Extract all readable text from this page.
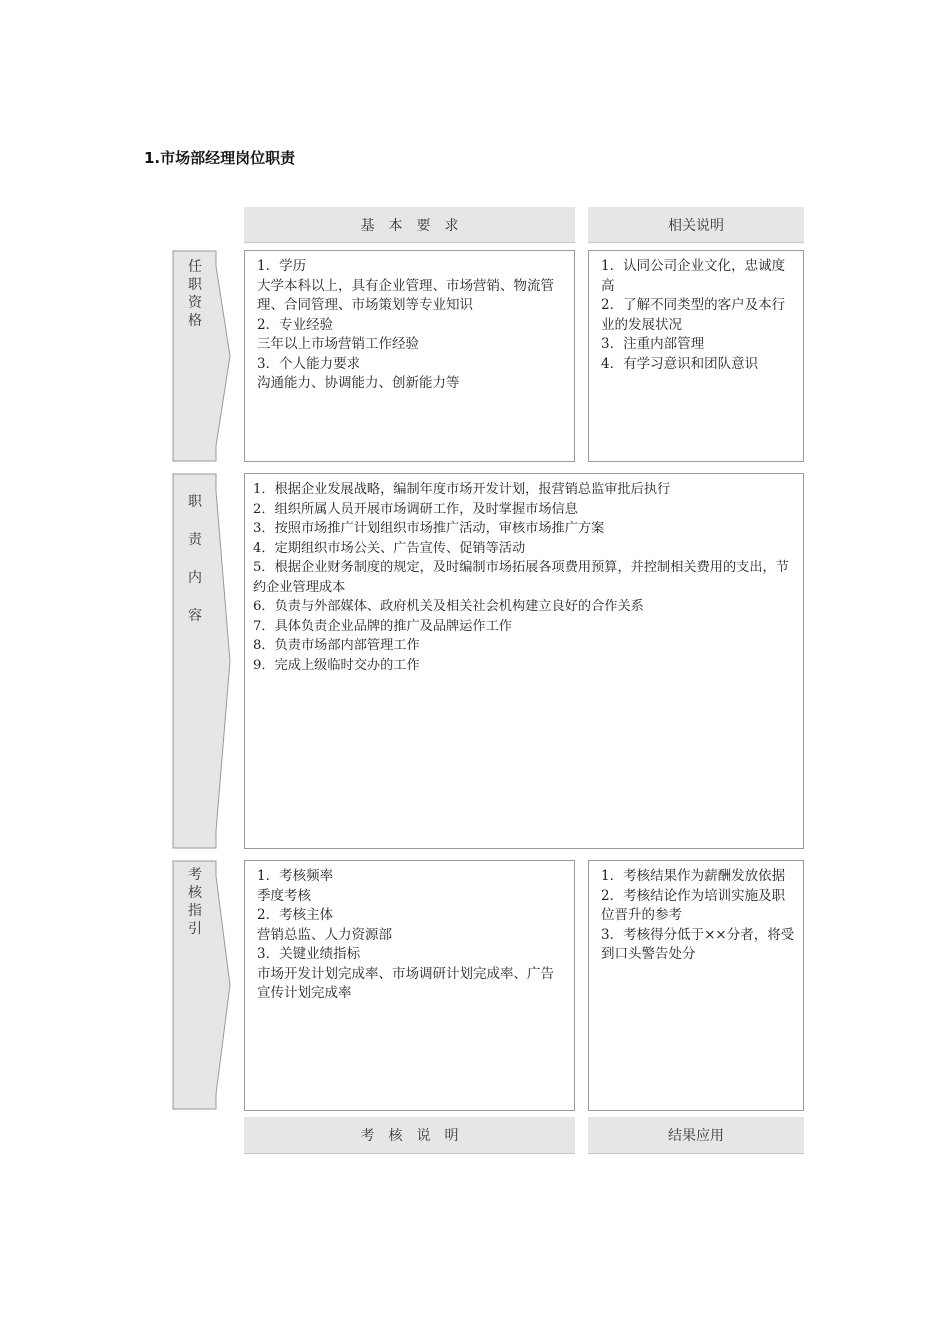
1.市场部经理岗位职责
基　本　要　求	相关说明
任
职
资
格
1．学历
大学本科以上，具有企业管理、市场营销、物流管理、合同管理、市场策划等专业知识
2．专业经验
三年以上市场营销工作经验
3．个人能力要求
沟通能力、协调能力、创新能力等
1．认同公司企业文化，忠诚度高
2．了解不同类型的客户及本行业的发展状况
3．注重内部管理
4．有学习意识和团队意识
职
责
内
容
1．根据企业发展战略，编制年度市场开发计划，报营销总监审批后执行
2．组织所属人员开展市场调研工作，及时掌握市场信息
3．按照市场推广计划组织市场推广活动，审核市场推广方案
4．定期组织市场公关、广告宣传、促销等活动
5．根据企业财务制度的规定，及时编制市场拓展各项费用预算，并控制相关费用的支出，节约企业管理成本
6．负责与外部媒体、政府机关及相关社会机构建立良好的合作关系
7．具体负责企业品牌的推广及品牌运作工作
8．负责市场部内部管理工作
9．完成上级临时交办的工作
考
核
指
引
1．考核频率
季度考核
2．考核主体
营销总监、人力资源部
3．关键业绩指标
市场开发计划完成率、市场调研计划完成率、广告宣传计划完成率
1．考核结果作为薪酬发放依据
2．考核结论作为培训实施及职位晋升的参考
3．考核得分低于××分者，将受到口头警告处分
考　核　说　明	结果应用
